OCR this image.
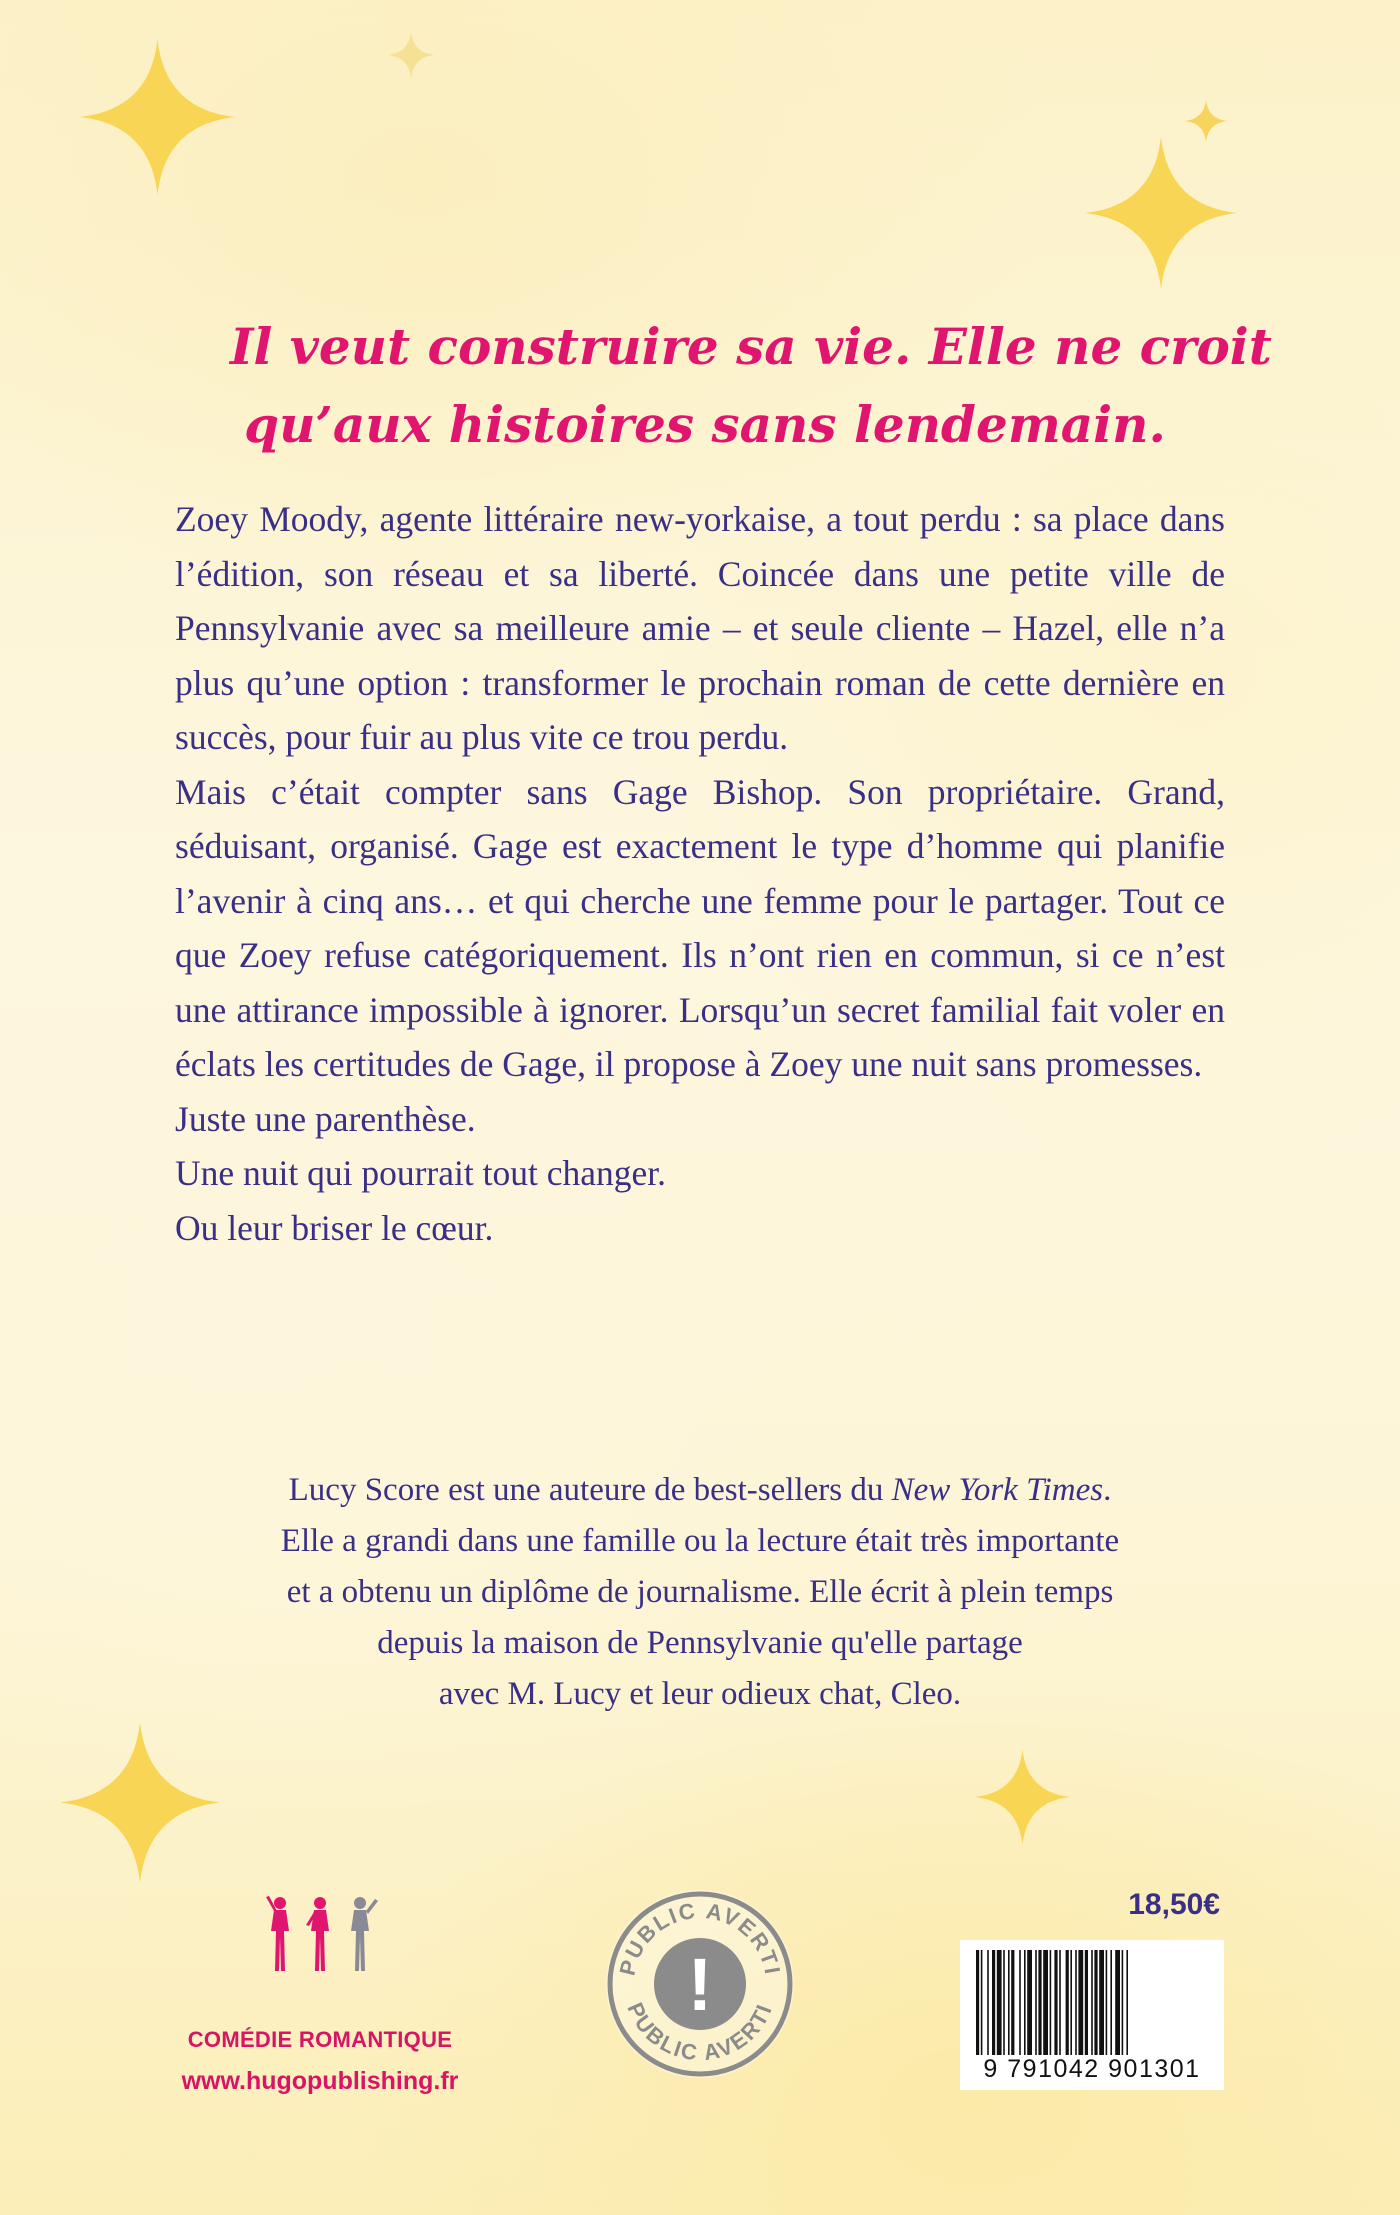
Il veut construire sa vie. Elle ne croit
qu’aux histoires sans lendemain.

Zoey Moody, agente littéraire new-yorkaise, a tout perdu : sa place dans l’édition, son réseau et sa liberté. Coincée dans une petite ville de Pennsylvanie avec sa meilleure amie – et seule cliente – Hazel, elle n’a plus qu’une option : transformer le prochain roman de cette dernière en succès, pour fuir au plus vite ce trou perdu.

Mais c’était compter sans Gage Bishop. Son propriétaire. Grand, séduisant, organisé. Gage est exactement le type d’homme qui planifie l’avenir à cinq ans… et qui cherche une femme pour le partager. Tout ce que Zoey refuse catégoriquement. Ils n’ont rien en commun, si ce n’est une attirance impossible à ignorer. Lorsqu’un secret familial fait voler en éclats les certitudes de Gage, il propose à Zoey une nuit sans promesses.

Juste une parenthèse.

Une nuit qui pourrait tout changer.

Ou leur briser le cœur.

Lucy Score est une auteure de best-sellers du New York Times.
Elle a grandi dans une famille ou la lecture était très importante
et a obtenu un diplôme de journalisme. Elle écrit à plein temps
depuis la maison de Pennsylvanie qu'elle partage
avec M. Lucy et leur odieux chat, Cleo.
COMÉDIE ROMANTIQUE
www.hugopublishing.fr
!
PUBLIC AVERTI
PUBLIC AVERTI
18,50€
9 791042 901301
